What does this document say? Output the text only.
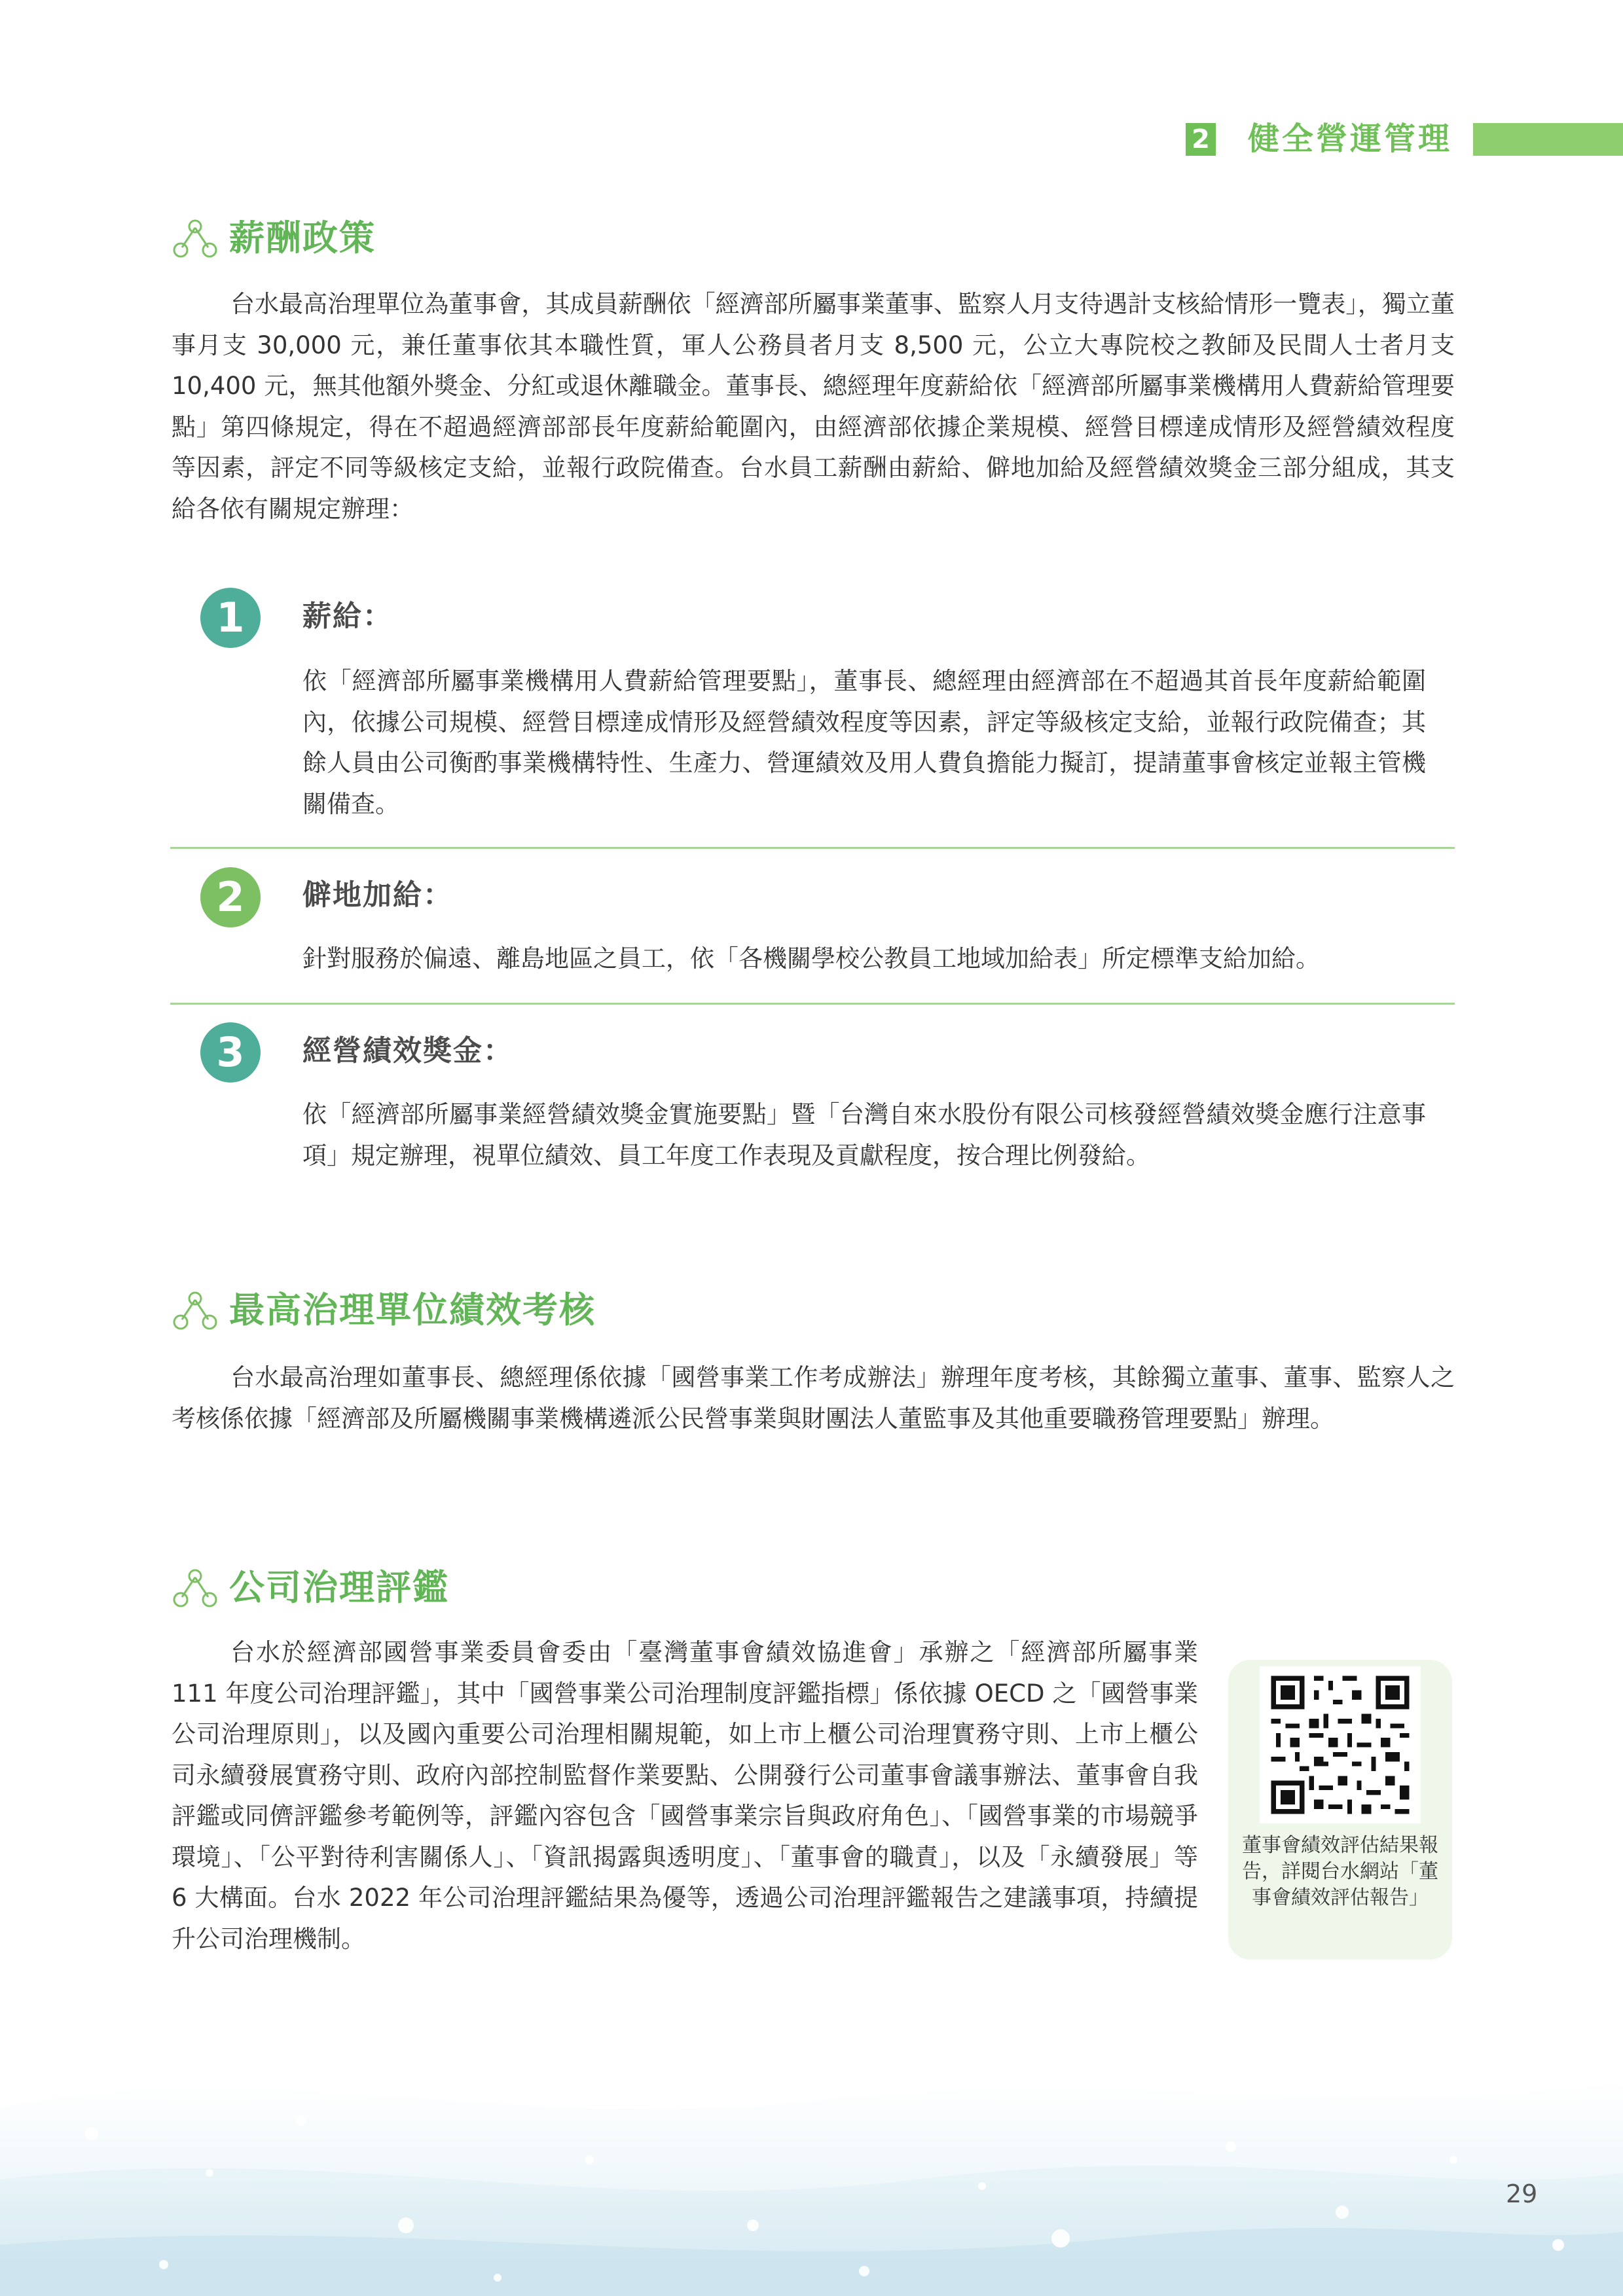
2 健全營運管理
薪酬政策
台水最高治理單位為董事會，其成員薪酬依「經濟部所屬事業董事、監察人月支待遇計支核給情形一覽表」，獨立董事月支 30,000 元，兼任董事依其本職性質，軍人公務員者月支 8,500 元，公立大專院校之教師及民間人士者月支 10,400 元，無其他額外獎金、分紅或退休離職金。董事長、總經理年度薪給依「經濟部所屬事業機構用人費薪給管理要點」第四條規定，得在不超過經濟部部長年度薪給範圍內，由經濟部依據企業規模、經營目標達成情形及經營績效程度等因素，評定不同等級核定支給，並報行政院備查。台水員工薪酬由薪給、僻地加給及經營績效獎金三部分組成，其支給各依有關規定辦理：
1	薪給：
依「經濟部所屬事業機構用人費薪給管理要點」，董事長、總經理由經濟部在不超過其首長年度薪給範圍內，依據公司規模、經營目標達成情形及經營績效程度等因素，評定等級核定支給，並報行政院備查；其餘人員由公司衡酌事業機構特性、生產力、營運績效及用人費負擔能力擬訂，提請董事會核定並報主管機關備查。
2	僻地加給：
針對服務於偏遠、離島地區之員工，依「各機關學校公教員工地域加給表」所定標準支給加給。
3	經營績效獎金：
依「經濟部所屬事業經營績效獎金實施要點」暨「台灣自來水股份有限公司核發經營績效獎金應行注意事項」規定辦理，視單位績效、員工年度工作表現及貢獻程度，按合理比例發給。
最高治理單位績效考核
台水最高治理如董事長、總經理係依據「國營事業工作考成辦法」辦理年度考核，其餘獨立董事、董事、監察人之考核係依據「經濟部及所屬機關事業機構遴派公民營事業與財團法人董監事及其他重要職務管理要點」辦理。
公司治理評鑑
台水於經濟部國營事業委員會委由「臺灣董事會績效協進會」承辦之「經濟部所屬事業 111 年度公司治理評鑑」，其中「國營事業公司治理制度評鑑指標」係依據 OECD 之「國營事業公司治理原則」，以及國內重要公司治理相關規範，如上市上櫃公司治理實務守則、上市上櫃公司永續發展實務守則、政府內部控制監督作業要點、公開發行公司董事會議事辦法、董事會自我評鑑或同儕評鑑參考範例等，評鑑內容包含「國營事業宗旨與政府角色」、「國營事業的市場競爭環境」、「公平對待利害關係人」、「資訊揭露與透明度」、「董事會的職責」，以及「永續發展」等 6 大構面。台水 2022 年公司治理評鑑結果為優等，透過公司治理評鑑報告之建議事項，持續提升公司治理機制。
董事會績效評估結果報告，詳閱台水網站「董事會績效評估報告」
29
